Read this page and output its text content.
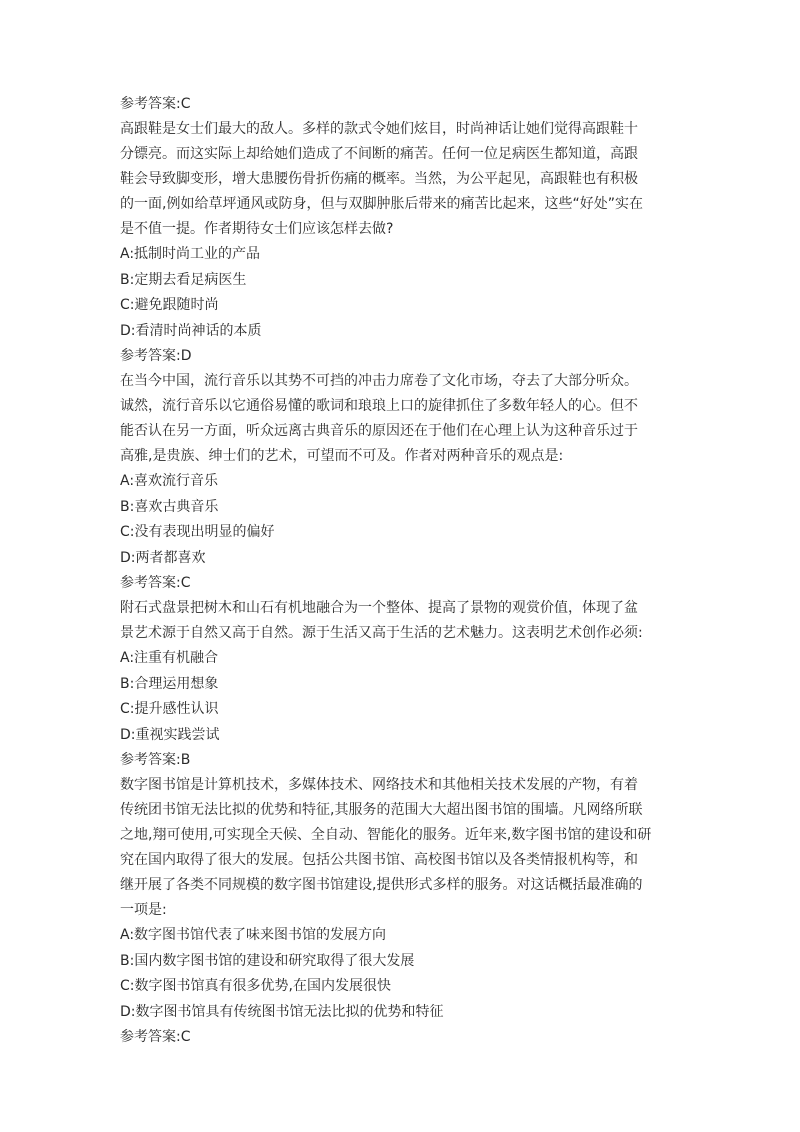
参考答案:C
高跟鞋是女士们最大的敌人。多样的款式令她们炫目，时尚神话让她们觉得高跟鞋十
分镖亮。而这实际上却给她们造成了不间断的痛苦。任何一位足病医生都知道，高跟
鞋会导致脚变形，增大患腰伤骨折伤痛的概率。当然，为公平起见，高跟鞋也有积极
的一面,例如给草坪通风或防身，但与双脚肿胀后带来的痛苦比起来，这些“好处”实在
是不值一提。作者期待女士们应该怎样去做?
A:抵制时尚工业的产品
B:定期去看足病医生
C:避免跟随时尚
D:看清时尚神话的本质
参考答案:D
在当今中国，流行音乐以其势不可挡的冲击力席卷了文化市场，夺去了大部分听众。
诚然，流行音乐以它通俗易懂的歌词和琅琅上口的旋律抓住了多数年轻人的心。但不
能否认在另一方面，听众远离古典音乐的原因还在于他们在心理上认为这种音乐过于
高雅,是贵族、绅士们的艺术，可望而不可及。作者对两种音乐的观点是:
A:喜欢流行音乐
B:喜欢古典音乐
C:没有表现出明显的偏好
D:两者都喜欢
参考答案:C
附石式盘景把树木和山石有机地融合为一个整体、提高了景物的观赏价值，体现了盆
景艺术源于自然又高于自然。源于生活又高于生活的艺术魅力。这表明艺术创作必须:
A:注重有机融合
B:合理运用想象
C:提升感性认识
D:重视实践尝试
参考答案:B
数字图书馆是计算机技术，多媒体技术、网络技术和其他相关技术发展的产物，有着
传统团书馆无法比拟的优势和特征,其服务的范围大大超出图书馆的围墙。凡网络所联
之地,翔可使用,可实现全天候、全自动、智能化的服务。近年来,数字图书馆的建设和研
究在国内取得了很大的发展。包括公共图书馆、高校图书馆以及各类情报机构等，和
继开展了各类不同规模的数字图书馆建设,提供形式多样的服务。对这话概括最准确的
一项是:
A:数字图书馆代表了味来图书馆的发展方向
B:国内数字图书馆的建设和研究取得了很大发展
C:数字图书馆真有很多优势,在国内发展很快
D:数字图书馆具有传统图书馆无法比拟的优势和特征
参考答案:C
